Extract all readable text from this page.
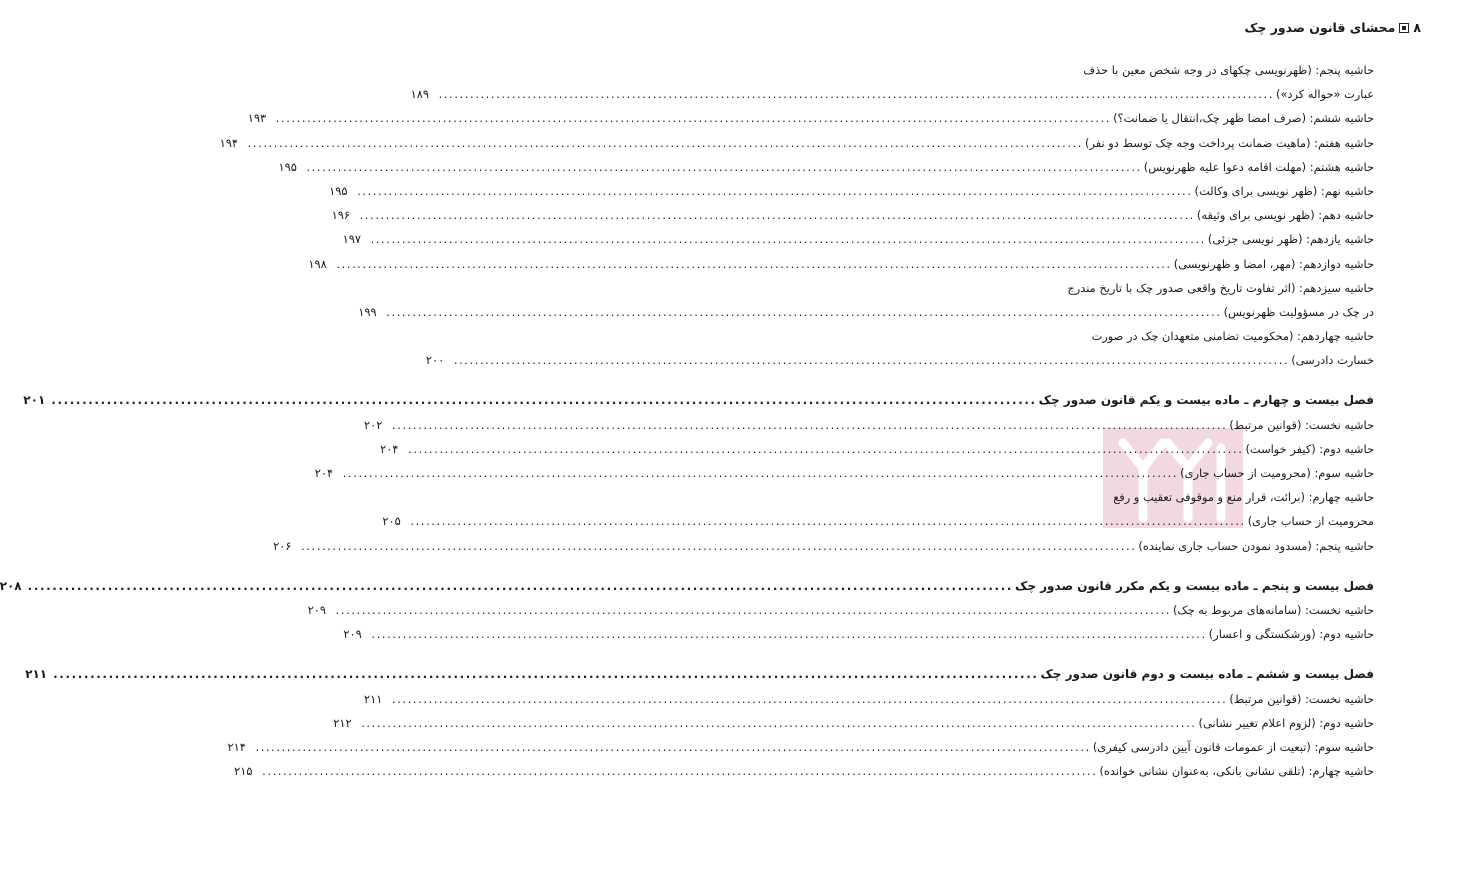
۸
محشای قانون صدور چک
حاشیه پنجم: (ظهرنویسی چکهای در وجه شخص معین با حذف
عبارت «حواله کرد»)
................................................................................................................................................................
۱۸۹
حاشیه ششم: (صرف امضا ظهر چک،انتقال یا ضمانت؟)
................................................................................................................................................................
۱۹۳
حاشیه هفتم: (ماهیت ضمانت پرداخت وجه چک توسط دو نفر)
................................................................................................................................................................
۱۹۴
حاشیه هشتم: (مهلت اقامه دعوا علیه ظهرنویس)
................................................................................................................................................................
۱۹۵
حاشیه نهم: (ظهر نویسی برای وکالت)
................................................................................................................................................................
۱۹۵
حاشیه دهم: (ظهر نویسی برای وثیقه)
................................................................................................................................................................
۱۹۶
حاشیه یازدهم: (ظهر نویسی جزئی)
................................................................................................................................................................
۱۹۷
حاشیه دوازدهم: (مهر، امضا و ظهرنویسی)
................................................................................................................................................................
۱۹۸
حاشیه سیزدهم: (اثر تفاوت تاریخ واقعی صدور چک با تاریخ مندرج
در چک در مسؤولیت ظهرنویس)
................................................................................................................................................................
۱۹۹
حاشیه چهاردهم: (محکومیت تضامنی متعهدان چک در صورت
خسارت دادرسی)
................................................................................................................................................................
۲۰۰
فصل بیست و چهارم ـ ماده بیست و یکم قانون صدور چک
................................................................................................................................................................
۲۰۱
حاشیه نخست: (قوانین مرتبط)
................................................................................................................................................................
۲۰۲
حاشیه دوم: (کیفر خواست)
................................................................................................................................................................
۲۰۴
حاشیه سوم: (محرومیت از حساب جاری)
................................................................................................................................................................
۲۰۴
حاشیه چهارم: (برائت، قرار منع و موقوفی تعقیب و رفع
محرومیت از حساب جاری)
................................................................................................................................................................
۲۰۵
حاشیه پنجم: (مسدود نمودن حساب جاری نماینده)
................................................................................................................................................................
۲۰۶
فصل بیست و پنجم ـ ماده بیست و یکم مکرر قانون صدور چک
................................................................................................................................................................
۲۰۸
حاشیه نخست: (سامانه‌های مربوط به چک)
................................................................................................................................................................
۲۰۹
حاشیه دوم: (ورشکستگی و اعسار)
................................................................................................................................................................
۲۰۹
فصل بیست و ششم ـ ماده بیست و دوم قانون صدور چک
................................................................................................................................................................
۲۱۱
حاشیه نخست: (قوانین مرتبط)
................................................................................................................................................................
۲۱۱
حاشیه دوم: (لزوم اعلام تغییر نشانی)
................................................................................................................................................................
۲۱۲
حاشیه سوم: (تبعیت از عمومات قانون آیین دادرسی کیفری)
................................................................................................................................................................
۲۱۴
حاشیه چهارم: (تلقی نشانی بانکی، به‌عنوان نشانی خوانده)
................................................................................................................................................................
۲۱۵
